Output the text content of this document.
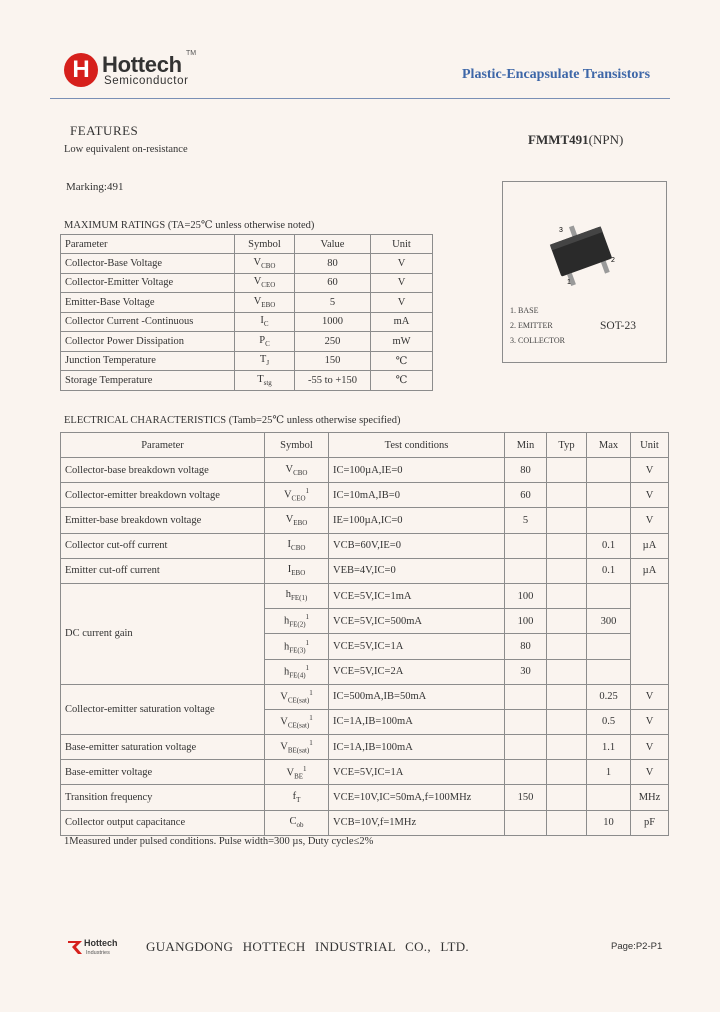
H Hottech TM
Semiconductor	Plastic-Encapsulate Transistors
FEATURES
Low equivalent on-resistance
Marking:491
FMMT491(NPN)
MAXIMUM RATINGS (TA=25℃ unless otherwise noted)
Parameter	Symbol	Value	Unit
Collector-Base Voltage	$V_{CBO}$	80	V
Collector-Emitter Voltage	$V_{CEO}$	60	V
Emitter-Base Voltage	$V_{EBO}$	5	V
Collector Current -Continuous	$I_C$	1000	mA
Collector Power Dissipation	$P_C$	250	mW
Junction Temperature	$T_J$	150	℃
Storage Temperature	$T_{stg}$	-55 to +150	℃
3
1
2
1. BASE
2. EMITTER
3. COLLECTOR
SOT-23
ELECTRICAL CHARACTERISTICS (Tamb=25℃ unless otherwise specified)
Parameter	Symbol	Test conditions	Min	Typ	Max	Unit
Collector-base breakdown voltage	$V_{CBO}$	IC=100µA,IE=0	80			V
Collector-emitter breakdown voltage	$V_{CEO}^1$	IC=10mA,IB=0	60			V
Emitter-base breakdown voltage	$V_{EBO}$	IE=100µA,IC=0	5			V
Collector cut-off current	$I_{CBO}$	VCB=60V,IE=0			0.1	µA
Emitter cut-off current	$I_{EBO}$	VEB=4V,IC=0			0.1	µA
DC current gain	$h_{FE(1)}$	VCE=5V,IC=1mA	100			
	$h_{FE(2)}^1$	VCE=5V,IC=500mA	100		300	
	$h_{FE(3)}^1$	VCE=5V,IC=1A	80			
	$h_{FE(4)}^1$	VCE=5V,IC=2A	30			
Collector-emitter saturation voltage	$V_{CE(sat)}^1$	IC=500mA,IB=50mA			0.25	V
	$V_{CE(sat)}^1$	IC=1A,IB=100mA			0.5	V
Base-emitter saturation voltage	$V_{BE(sat)}^1$	IC=1A,IB=100mA			1.1	V
Base-emitter voltage	$V_{BE}^1$	VCE=5V,IC=1A			1	V
Transition frequency	$f_T$	VCE=10V,IC=50mA,f=100MHz	150			MHz
Collector output capacitance	$C_{ob}$	VCB=10V,f=1MHz			10	pF
1Measured under pulsed conditions. Pulse width=300 µs, Duty cycle≤2%
Hottech
Industries	GUANGDONG HOTTECH INDUSTRIAL CO., LTD.	Page:P2-P1
